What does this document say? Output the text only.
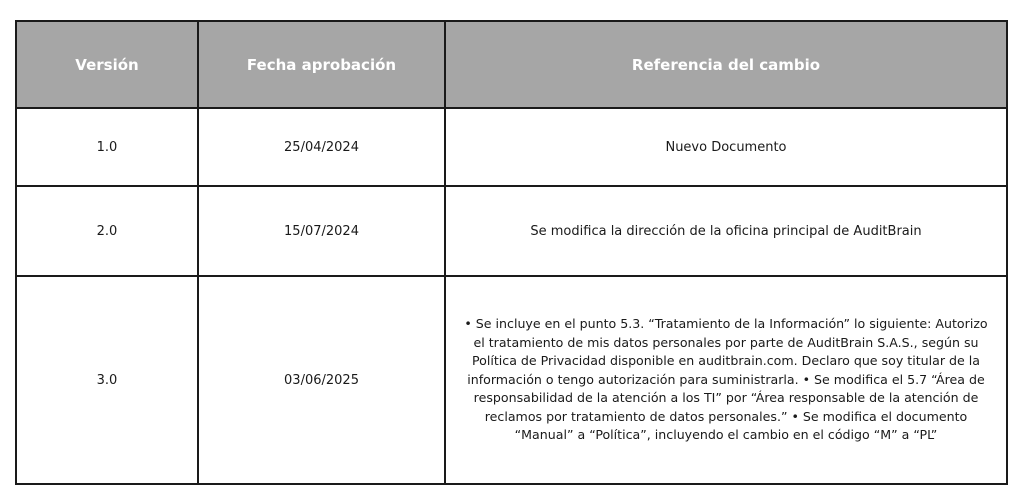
Versión	Fecha aprobación	Referencia del cambio
1.0	25/04/2024	Nuevo Documento
2.0	15/07/2024	Se modifica la dirección de la oficina principal de AuditBrain
3.0	03/06/2025	• Se incluye en el punto 5.3. “Tratamiento de la Información” lo siguiente: Autorizo el tratamiento de mis datos personales por parte de AuditBrain S.A.S., según su Política de Privacidad disponible en auditbrain.com. Declaro que soy titular de la información o tengo autorización para suministrarla. • Se modifica el 5.7 “Área de responsabilidad de la atención a los TI” por “Área responsable de la atención de reclamos por tratamiento de datos personales.” • Se modifica el documento “Manual” a “Política”, incluyendo el cambio en el código “M” a “PL”
